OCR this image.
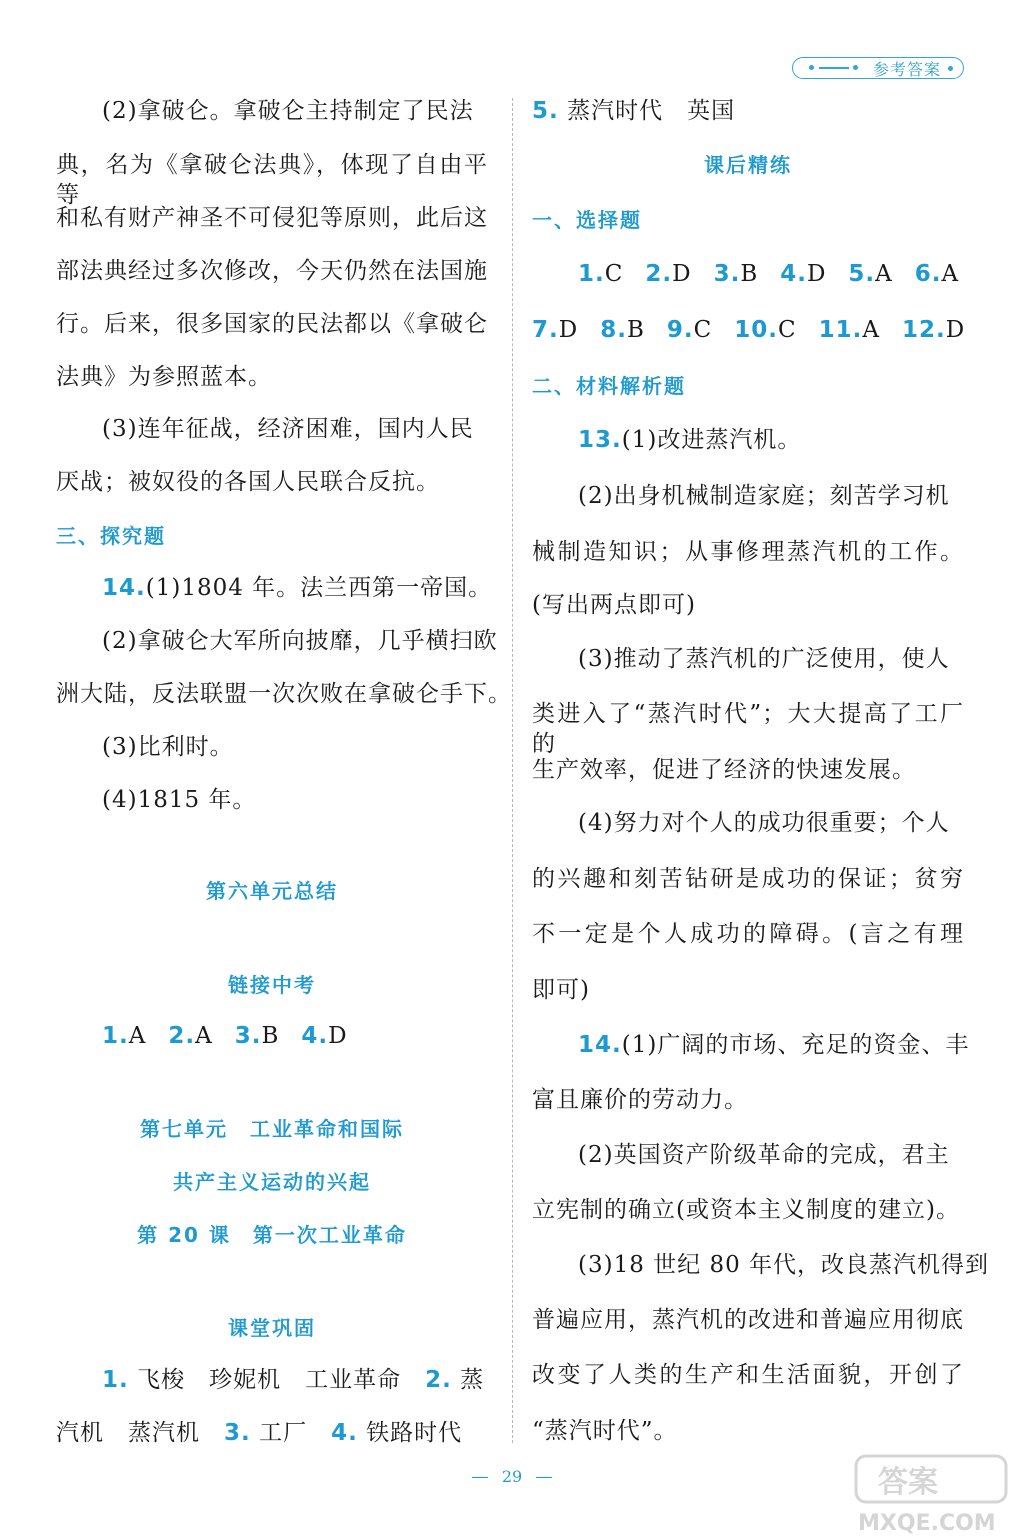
参考答案
(2)拿破仑。拿破仑主持制定了民法
典，名为《拿破仑法典》，体现了自由平等
和私有财产神圣不可侵犯等原则，此后这
部法典经过多次修改，今天仍然在法国施
行。后来，很多国家的民法都以《拿破仑
法典》为参照蓝本。
(3)连年征战，经济困难，国内人民
厌战；被奴役的各国人民联合反抗。
三、探究题
14.(1)1804 年。法兰西第一帝国。
(2)拿破仑大军所向披靡，几乎横扫欧
洲大陆，反法联盟一次次败在拿破仑手下。
(3)比利时。
(4)1815 年。
第六单元总结
链接中考
1.A 2.A 3.B 4.D
第七单元　工业革命和国际
共产主义运动的兴起
第 20 课　第一次工业革命
课堂巩固
1. 飞梭　珍妮机　工业革命　 2. 蒸
汽机　蒸汽机　 3. 工厂　 4. 铁路时代
5. 蒸汽时代　英国
课后精练
一、选择题
1.C 2.D 3.B 4.D 5.A 6.A
7.D 8.B 9.C 10.C 11.A 12.D
二、材料解析题
13.(1)改进蒸汽机。
(2)出身机械制造家庭；刻苦学习机
械制造知识；从事修理蒸汽机的工作。
(写出两点即可)
(3)推动了蒸汽机的广泛使用，使人
类进入了“蒸汽时代”；大大提高了工厂的
生产效率，促进了经济的快速发展。
(4)努力对个人的成功很重要；个人
的兴趣和刻苦钻研是成功的保证；贫穷
不一定是个人成功的障碍。(言之有理
即可)
14.(1)广阔的市场、充足的资金、丰
富且廉价的劳动力。
(2)英国资产阶级革命的完成，君主
立宪制的确立(或资本主义制度的建立)。
(3)18 世纪 80 年代，改良蒸汽机得到
普遍应用，蒸汽机的改进和普遍应用彻底
改变了人类的生产和生活面貌，开创了
“蒸汽时代”。
29	答案
MXQE.COM
